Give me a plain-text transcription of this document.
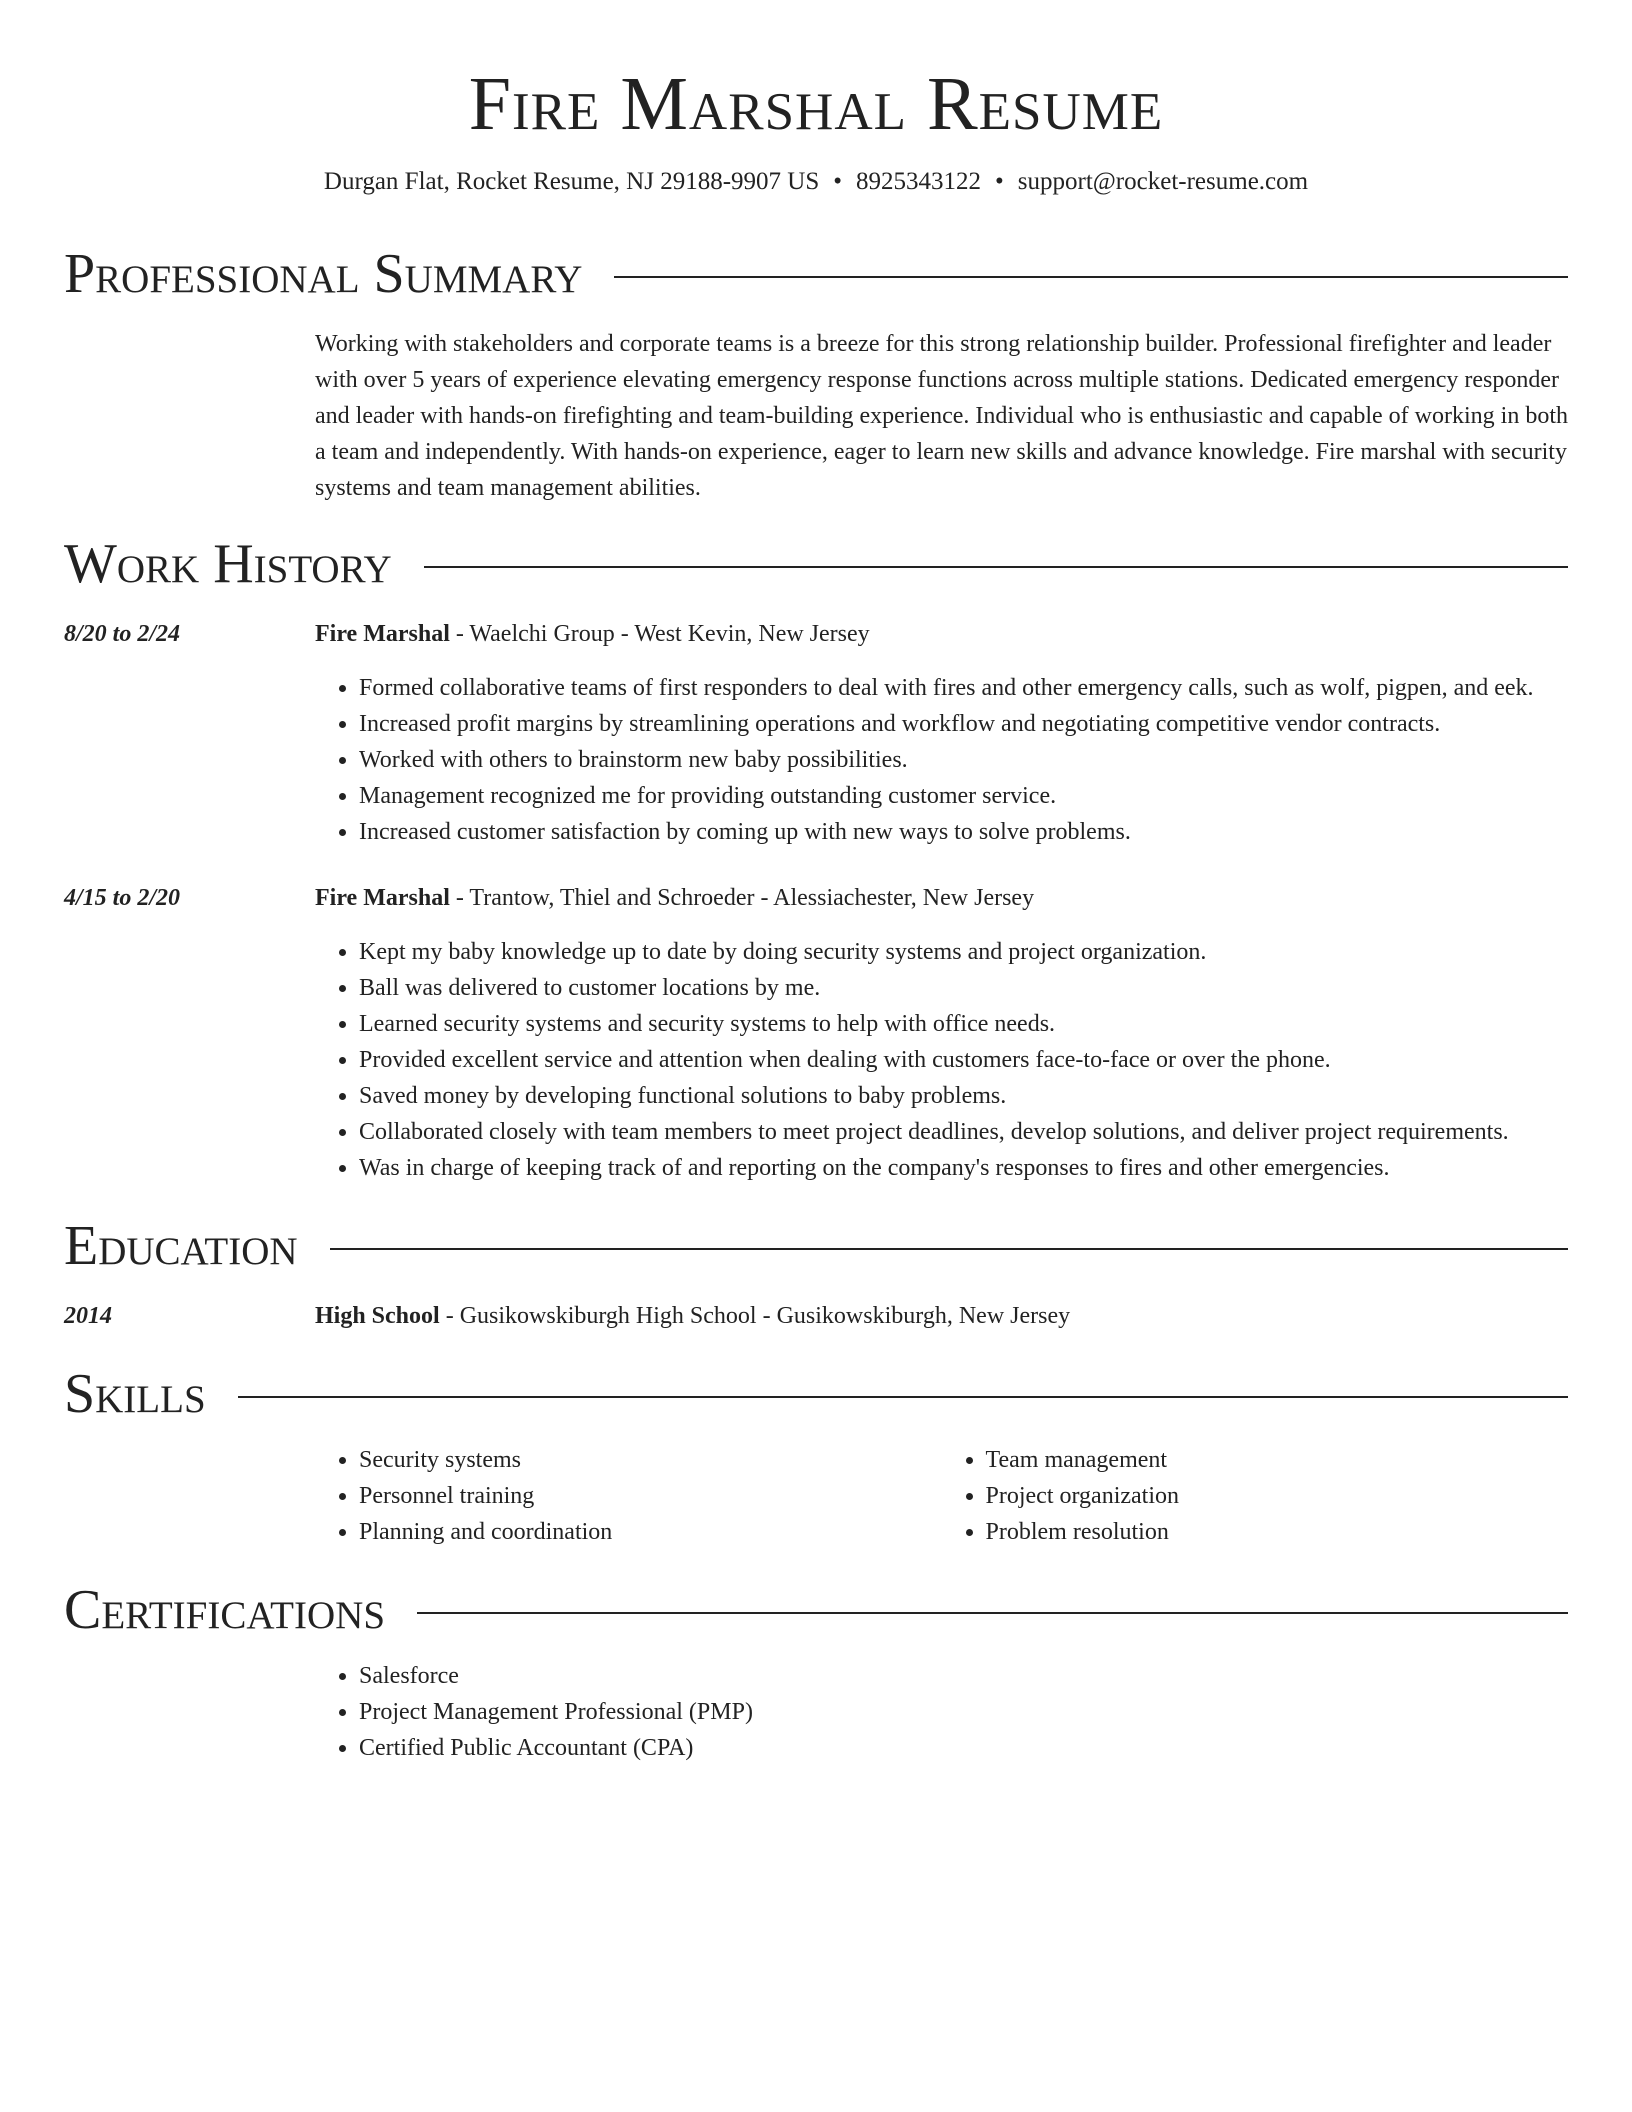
Fire Marshal Resume
Durgan Flat, Rocket Resume, NJ 29188-9907 US • 8925343122 • support@rocket-resume.com
Professional Summary
Working with stakeholders and corporate teams is a breeze for this strong relationship builder. Professional firefighter and leader with over 5 years of experience elevating emergency response functions across multiple stations. Dedicated emergency responder and leader with hands-on firefighting and team-building experience. Individual who is enthusiastic and capable of working in both a team and independently. With hands-on experience, eager to learn new skills and advance knowledge. Fire marshal with security systems and team management abilities.
Work History
8/20 to 2/24	Fire Marshal - Waelchi Group - West Kevin, New Jersey
• Formed collaborative teams of first responders to deal with fires and other emergency calls, such as wolf, pigpen, and eek.
• Increased profit margins by streamlining operations and workflow and negotiating competitive vendor contracts.
• Worked with others to brainstorm new baby possibilities.
• Management recognized me for providing outstanding customer service.
• Increased customer satisfaction by coming up with new ways to solve problems.
4/15 to 2/20	Fire Marshal - Trantow, Thiel and Schroeder - Alessiachester, New Jersey
• Kept my baby knowledge up to date by doing security systems and project organization.
• Ball was delivered to customer locations by me.
• Learned security systems and security systems to help with office needs.
• Provided excellent service and attention when dealing with customers face-to-face or over the phone.
• Saved money by developing functional solutions to baby problems.
• Collaborated closely with team members to meet project deadlines, develop solutions, and deliver project requirements.
• Was in charge of keeping track of and reporting on the company's responses to fires and other emergencies.
Education
2014	High School - Gusikowskiburgh High School - Gusikowskiburgh, New Jersey
Skills
• Security systems
• Personnel training
• Planning and coordination
• Team management
• Project organization
• Problem resolution
Certifications
• Salesforce
• Project Management Professional (PMP)
• Certified Public Accountant (CPA)
